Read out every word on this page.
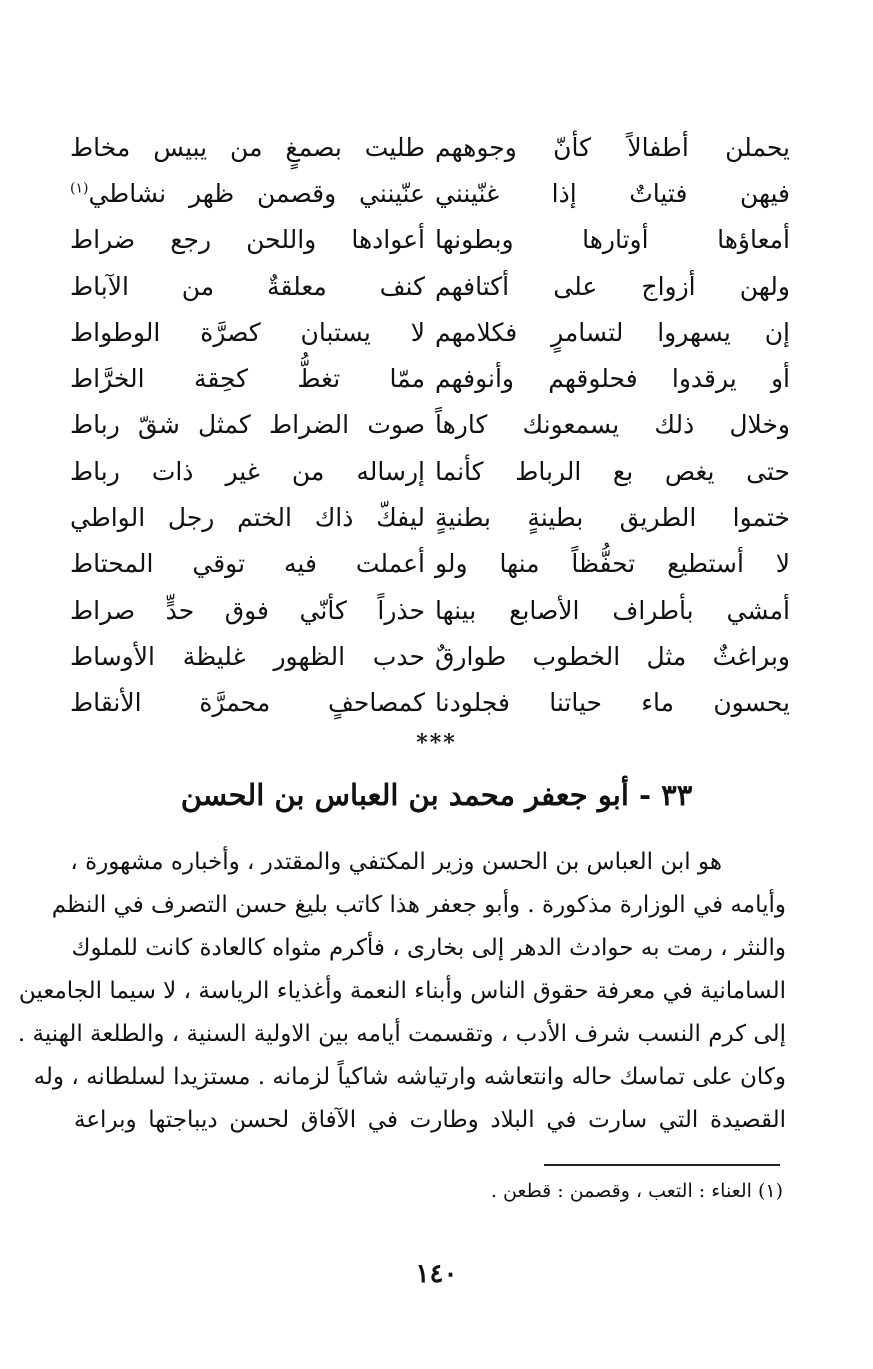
يحملن أطفالاً كأنّ وجوههم
طليت بصمغٍ من يبيس مخاط
فيهن فتياتٌ إذا غنّينني
عنّينني وقصمن ظهر نشاطي$^{(١)}$
أمعاؤها أوتارها وبطونها
أعوادها واللحن رجع ضراط
ولهن أزواج على أكتافهم
كنف معلقةٌ من الآباط
إن يسهروا لتسامرٍ فكلامهم
لا يستبان كصرَّة الوطواط
أو يرقدوا فحلوقهم وأنوفهم
ممّا تغطُّ كحِقة الخرَّاط
وخلال ذلك يسمعونك كارهاً
صوت الضراط كمثل شقّ رباط
حتى يغص بع الرباط كأنما
إرساله من غير ذات رباط
ختموا الطريق بطينةٍ بطنيةٍ
ليفكّ ذاك الختم رجل الواطي
لا أستطيع تحفُّظاً منها ولو
أعملت فيه توقي المحتاط
أمشي بأطراف الأصابع بينها
حذراً كأنّي فوق حدٍّ صراط
وبراغثٌ مثل الخطوب طوارقٌ
حدب الظهور غليظة الأوساط
يحسون ماء حياتنا فجلودنا
كمصاحفٍ محمرَّة الأنقاط
***
٣٣ - أبو جعفر محمد بن العباس بن الحسن
هو ابن العباس بن الحسن وزير المكتفي والمقتدر ، وأخباره مشهورة ،
وأيامه في الوزارة مذكورة . وأبو جعفر هذا كاتب بليغ حسن التصرف في النظم
والنثر ، رمت به حوادث الدهر إلى بخارى ، فأكرم مثواه كالعادة كانت للملوك
السامانية في معرفة حقوق الناس وأبناء النعمة وأغذياء الرياسة ، لا سيما الجامعين
إلى كرم النسب شرف الأدب ، وتقسمت أيامه بين الاولية السنية ، والطلعة الهنية .
وكان على تماسك حاله وانتعاشه وارتياشه شاكياً لزمانه . مستزيدا لسلطانه ، وله
القصيدة التي سارت في البلاد وطارت في الآفاق لحسن ديباجتها وبراعة
(١) العناء : التعب ، وقصمن : قطعن .
١٤٠
